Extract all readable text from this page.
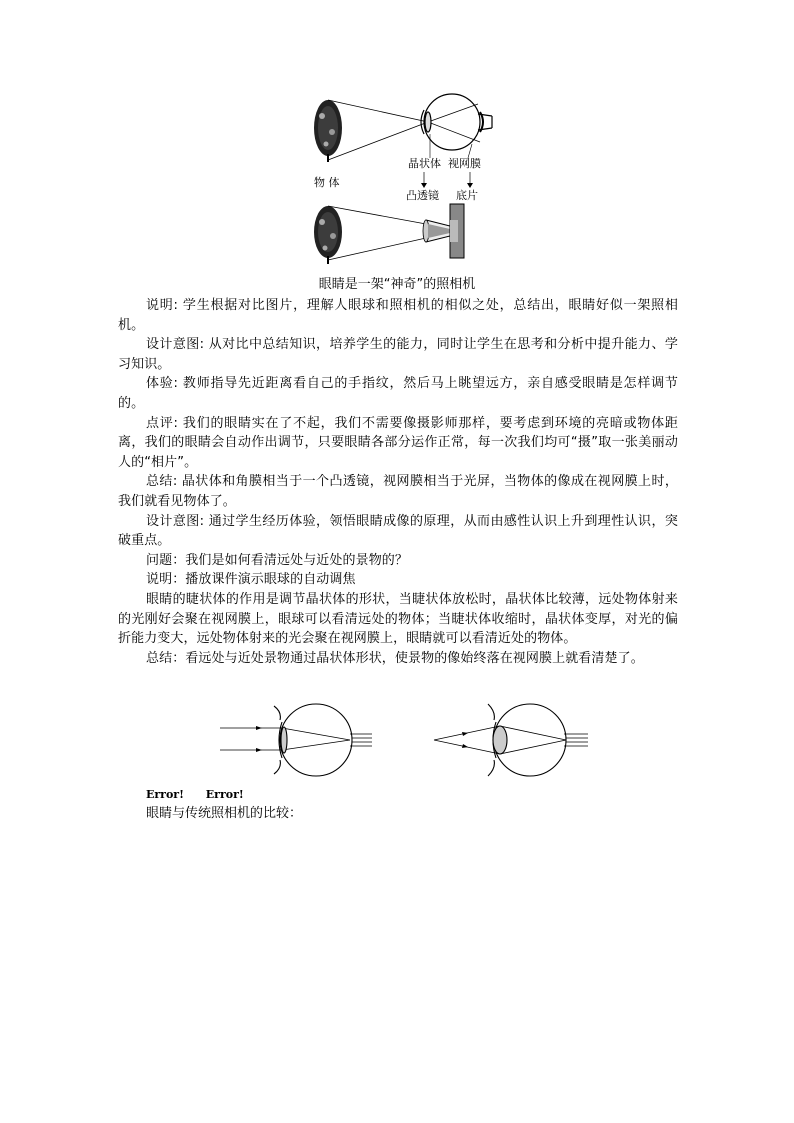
晶状体 视网膜
物 体
凸透镜 底片
眼睛是一架“神奇”的照相机

说明: 学生根据对比图片，理解人眼球和照相机的相似之处，总结出，眼睛好似一架照相机。

设计意图: 从对比中总结知识，培养学生的能力，同时让学生在思考和分析中提升能力、学习知识。

体验: 教师指导先近距离看自己的手指纹，然后马上眺望远方，亲自感受眼睛是怎样调节的。

点评: 我们的眼睛实在了不起，我们不需要像摄影师那样，要考虑到环境的亮暗或物体距离，我们的眼睛会自动作出调节，只要眼睛各部分运作正常，每一次我们均可“摄”取一张美丽动人的“相片”。

总结: 晶状体和角膜相当于一个凸透镜，视网膜相当于光屏，当物体的像成在视网膜上时，我们就看见物体了。

设计意图: 通过学生经历体验，领悟眼睛成像的原理，从而由感性认识上升到理性认识，突破重点。

问题：我们是如何看清远处与近处的景物的？

说明：播放课件演示眼球的自动调焦

眼睛的睫状体的作用是调节晶状体的形状，当睫状体放松时，晶状体比较薄，远处物体射来的光刚好会聚在视网膜上，眼球可以看清远处的物体；当睫状体收缩时，晶状体变厚，对光的偏折能力变大，远处物体射来的光会聚在视网膜上，眼睛就可以看清近处的物体。

总结：看远处与近处景物通过晶状体形状，使景物的像始终落在视网膜上就看清楚了。

Error! Error!
眼睛与传统照相机的比较：
